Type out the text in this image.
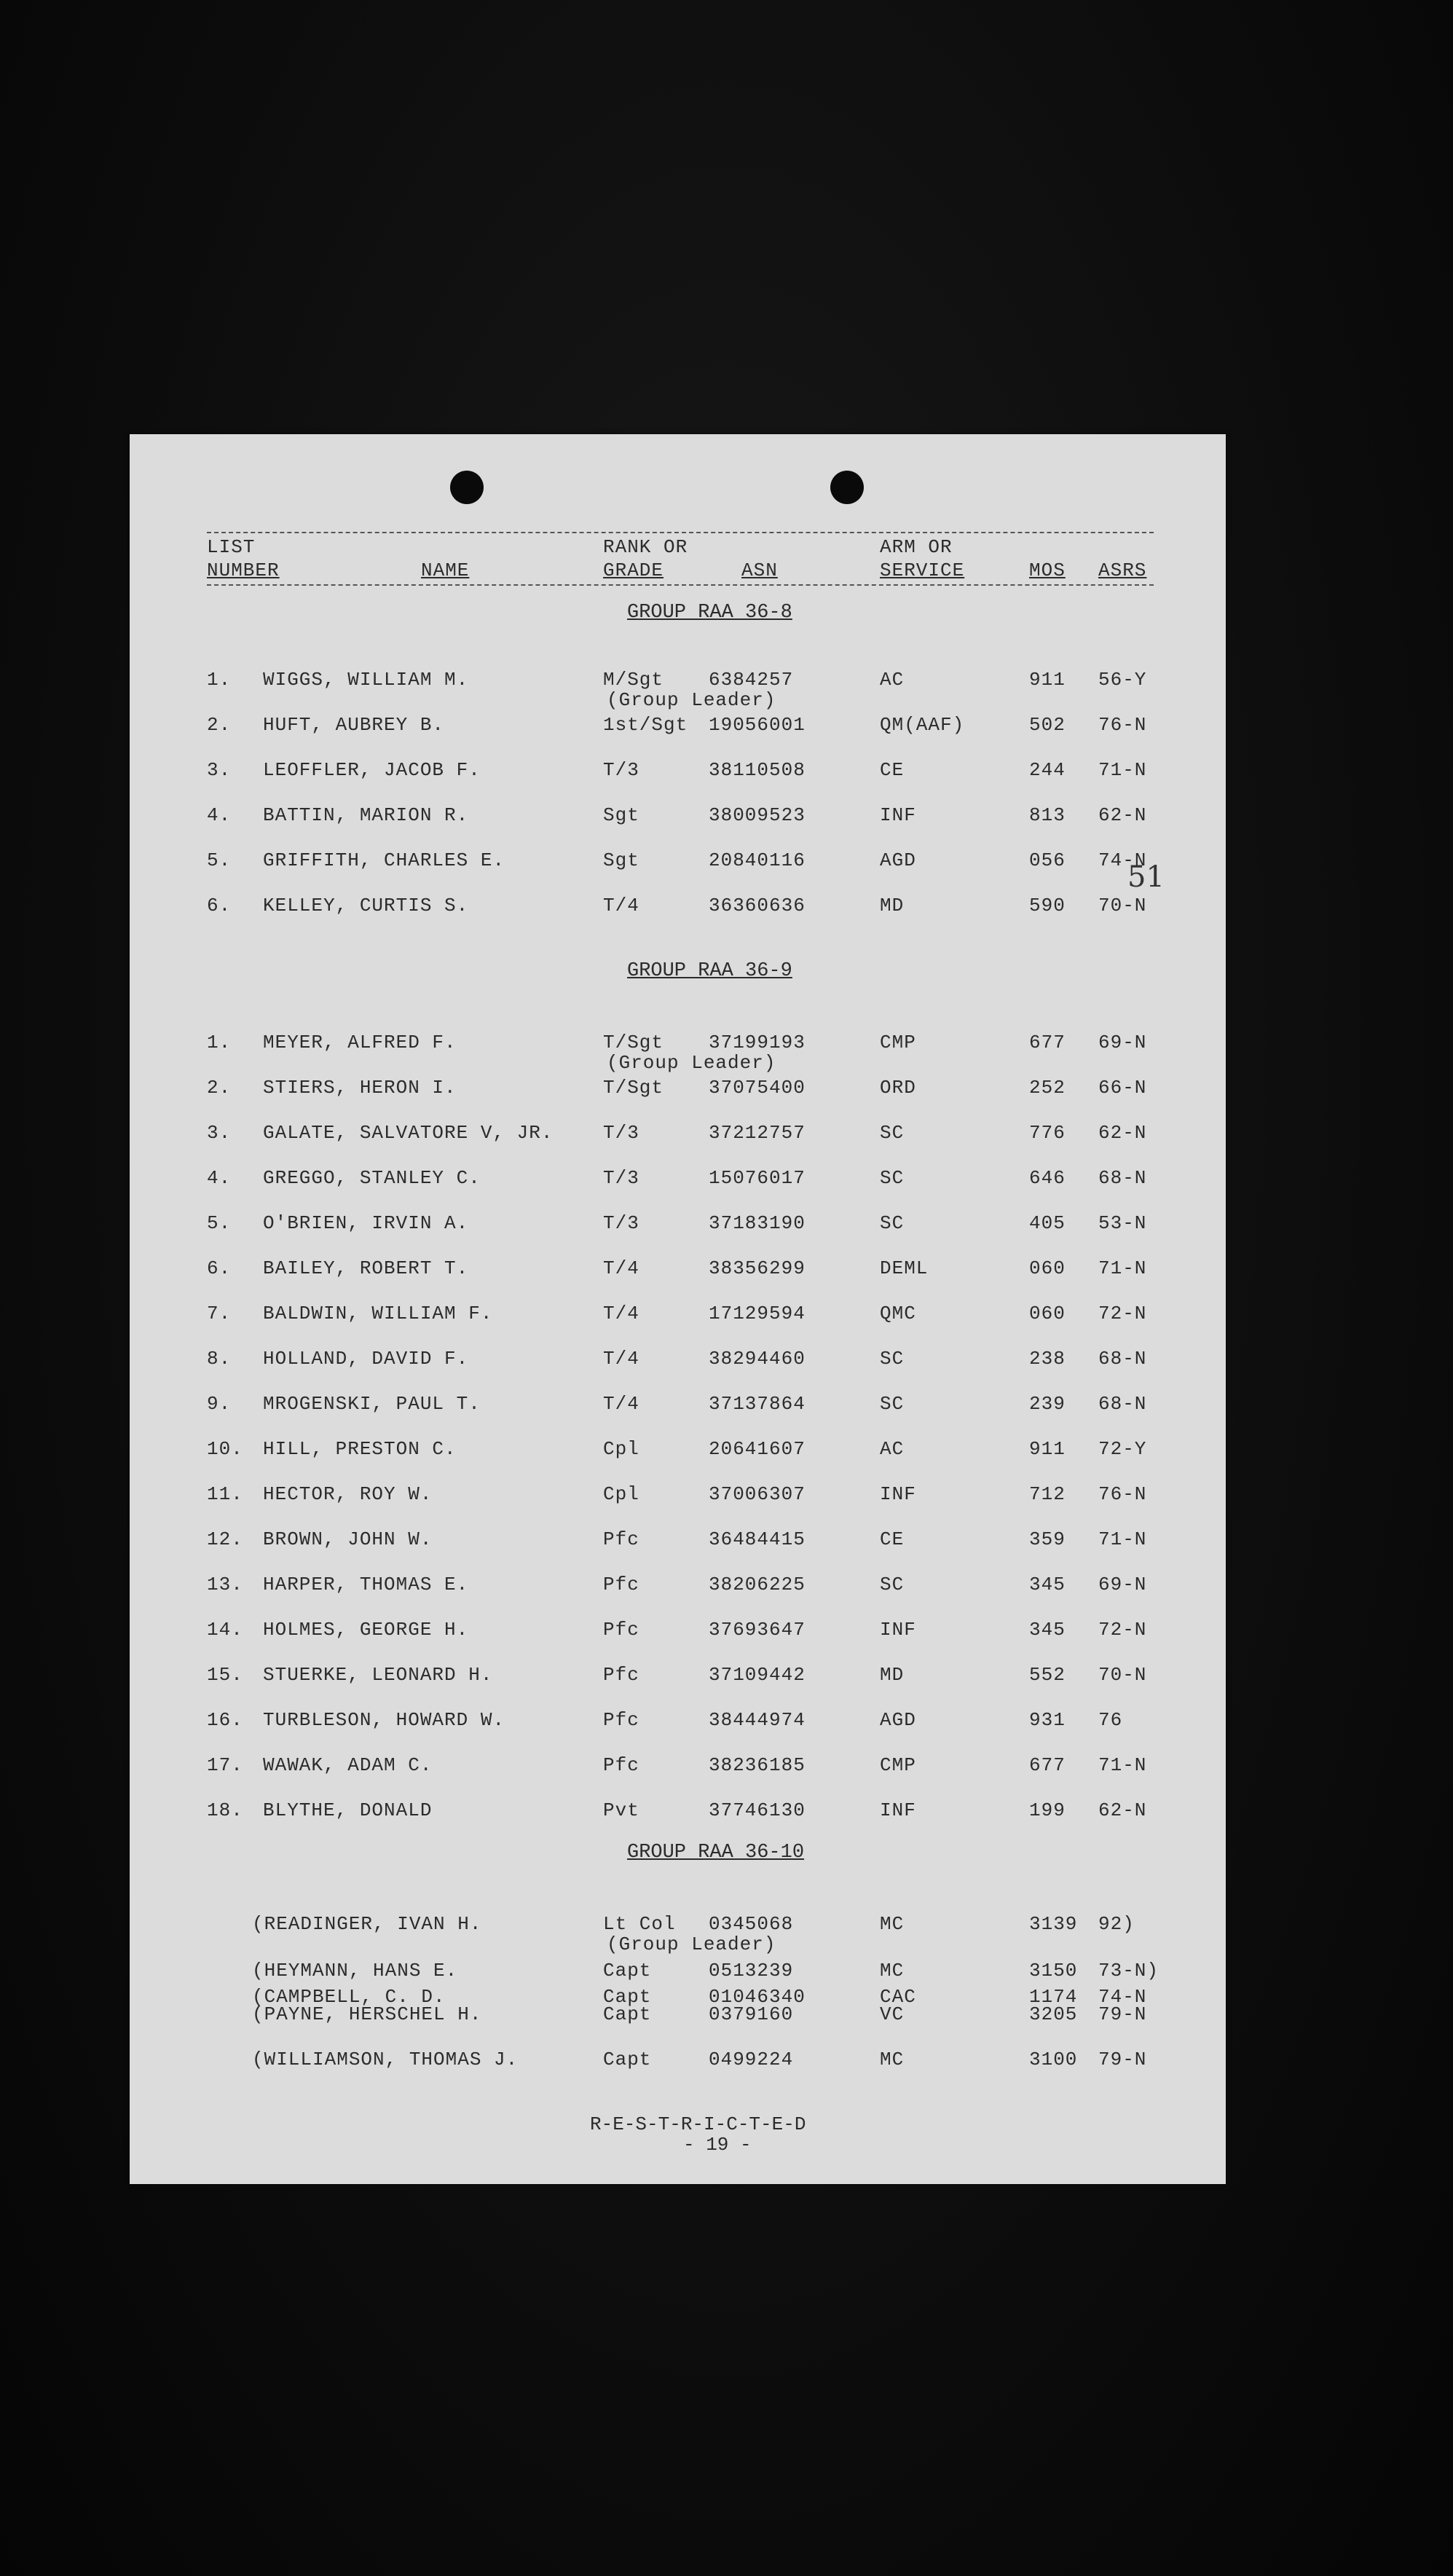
LIST
NUMBER	NAME
RANK OR
GRADE	ASN
ARM OR
SERVICE	MOS ASRS
GROUP RAA 36-8
1. WIGGS, WILLIAM M.	M/Sgt 6384257	AC	911 56-Y
(Group Leader)
2. HUFT, AUBREY B.	1st/Sgt 19056001	QM(AAF)	502 76-N
3. LEOFFLER, JACOB F.	T/3	38110508	CE	244 71-N
4. BATTIN, MARION R.	Sgt	38009523	INF	813 62-N
5. GRIFFITH, CHARLES E.	Sgt	20840116	AGD	056 74-N
6. KELLEY, CURTIS S.	T/4	36360636	MD	590 70-N
51
GROUP RAA 36-9
1. MEYER, ALFRED F.	T/Sgt 37199193	CMP	677 69-N
(Group Leader)
2. STIERS, HERON I.	T/Sgt 37075400	ORD	252 66-N
3. GALATE, SALVATORE V, JR.	T/3	37212757	SC	776 62-N
4. GREGGO, STANLEY C.	T/3	15076017	SC	646 68-N
5. O'BRIEN, IRVIN A.	T/3	37183190	SC	405 53-N
6. BAILEY, ROBERT T.	T/4	38356299	DEML	060 71-N
7. BALDWIN, WILLIAM F.	T/4	17129594	QMC	060 72-N
8. HOLLAND, DAVID F.	T/4	38294460	SC	238 68-N
9. MROGENSKI, PAUL T.	T/4	37137864	SC	239 68-N
10. HILL, PRESTON C.	Cpl	20641607	AC	911 72-Y
11. HECTOR, ROY W.	Cpl	37006307	INF	712 76-N
12. BROWN, JOHN W.	Pfc	36484415	CE	359 71-N
13. HARPER, THOMAS E.	Pfc	38206225	SC	345 69-N
14. HOLMES, GEORGE H.	Pfc	37693647	INF	345 72-N
15. STUERKE, LEONARD H.	Pfc	37109442	MD	552 70-N
16. TURBLESON, HOWARD W.	Pfc	38444974	AGD	931 76
17. WAWAK, ADAM C.	Pfc	38236185	CMP	677 71-N
18. BLYTHE, DONALD	Pvt	37746130	INF	199 62-N
GROUP RAA 36-10
(READINGER, IVAN H.	Lt Col 0345068	MC	3139 92)
(Group Leader)
(HEYMANN, HANS E.	Capt	0513239	MC	3150 73-N)
(CAMPBELL, C. D.	Capt	01046340	CAC	1174 74-N
(PAYNE, HERSCHEL H.	Capt	0379160	VC	3205 79-N
(WILLIAMSON, THOMAS J.	Capt	0499224	MC	3100 79-N
R-E-S-T-R-I-C-T-E-D
- 19 -
